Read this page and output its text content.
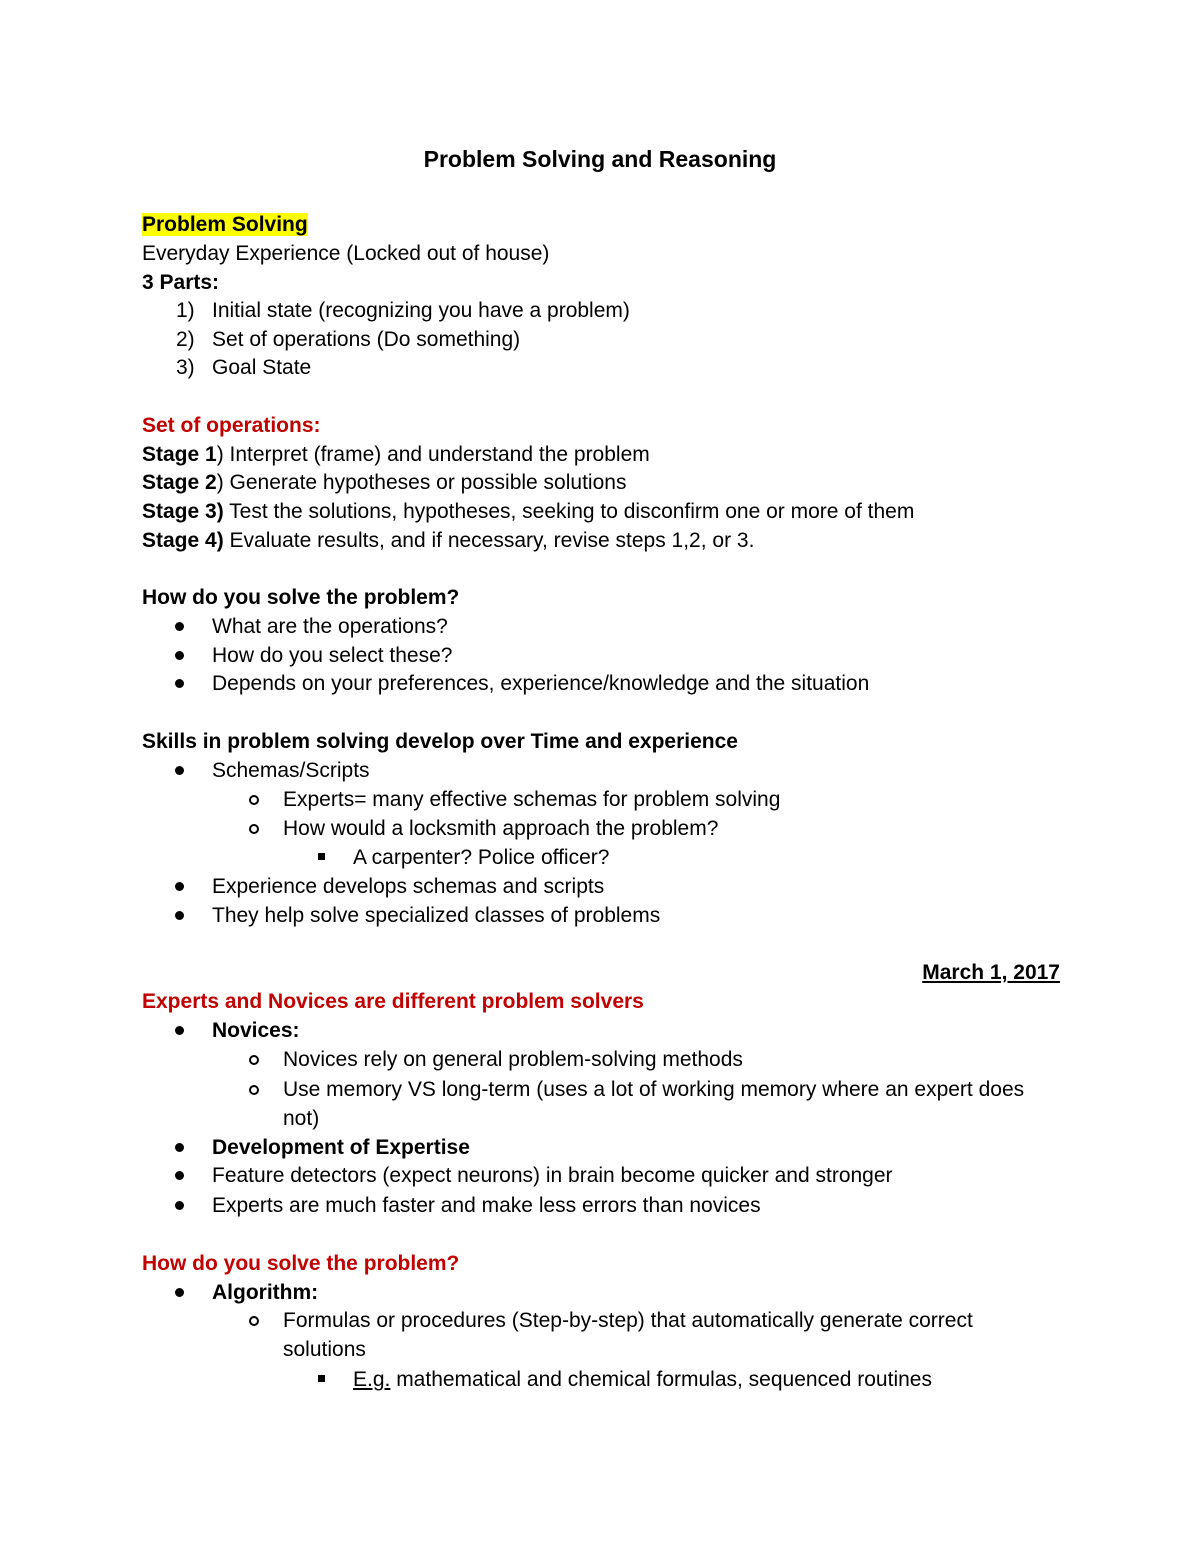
Problem Solving and Reasoning
Problem Solving
Everyday Experience (Locked out of house)
3 Parts:
1) Initial state (recognizing you have a problem)
2) Set of operations (Do something)
3) Goal State
Set of operations:
Stage 1) Interpret (frame) and understand the problem
Stage 2) Generate hypotheses or possible solutions
Stage 3) Test the solutions, hypotheses, seeking to disconfirm one or more of them
Stage 4) Evaluate results, and if necessary, revise steps 1,2, or 3.
How do you solve the problem?
What are the operations?
How do you select these?
Depends on your preferences, experience/knowledge and the situation
Skills in problem solving develop over Time and experience
Schemas/Scripts
Experts= many effective schemas for problem solving
How would a locksmith approach the problem?
A carpenter? Police officer?
Experience develops schemas and scripts
They help solve specialized classes of problems
March 1, 2017
Experts and Novices are different problem solvers
Novices:
Novices rely on general problem-solving methods
Use memory VS long-term (uses a lot of working memory where an expert does
not)
Development of Expertise
Feature detectors (expect neurons) in brain become quicker and stronger
Experts are much faster and make less errors than novices
How do you solve the problem?
Algorithm:
Formulas or procedures (Step-by-step) that automatically generate correct
solutions
E.g. mathematical and chemical formulas, sequenced routines
